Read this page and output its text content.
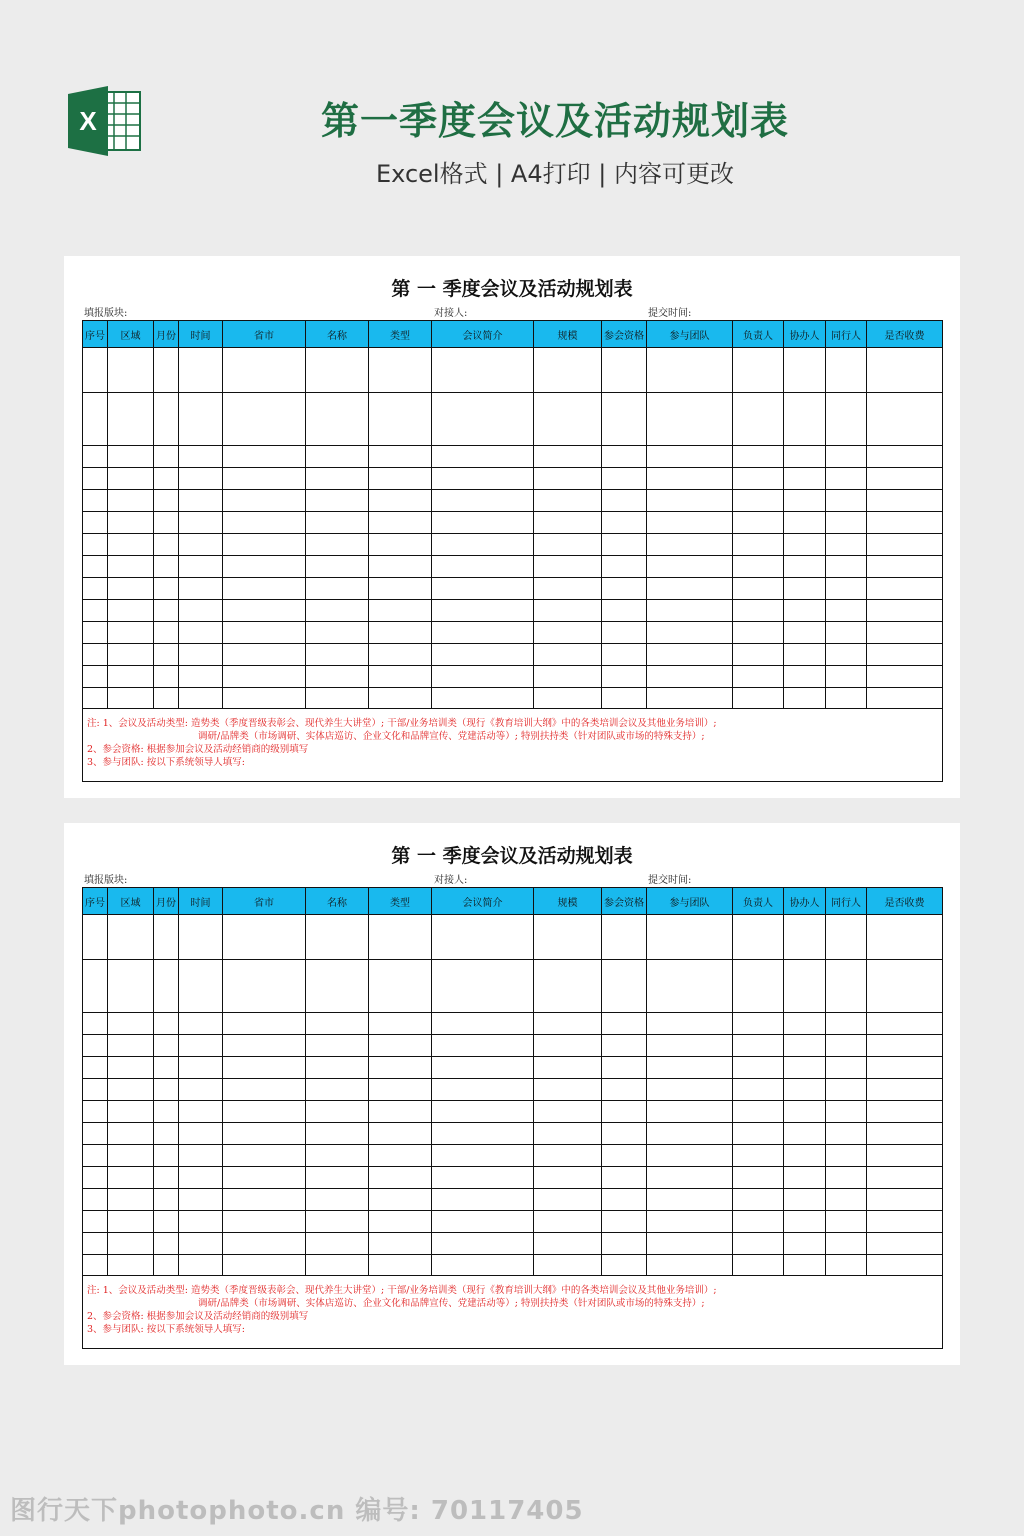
X	第一季度会议及活动规划表
Excel格式 | A4打印 | 内容可更改
第 一 季度会议及活动规划表
填报版块:	对接人:	提交时间:
序号	区域	月份	时间	省市	名称	类型	会议简介	规模	参会资格	参与团队	负责人	协办人	同行人	是否收费

注: 1、会议及活动类型: 造势类（季度晋级表彰会、现代养生大讲堂）; 干部/业务培训类（现行《教育培训大纲》中的各类培训会议及其他业务培训）;
调研/品牌类（市场调研、实体店巡访、企业文化和品牌宣传、党建活动等）; 特别扶持类（针对团队或市场的特殊支持）;
2、参会资格: 根据参加会议及活动经销商的级别填写
3、参与团队: 按以下系统领导人填写:														
第 一 季度会议及活动规划表
填报版块:	对接人:	提交时间:
序号	区域	月份	时间	省市	名称	类型	会议简介	规模	参会资格	参与团队	负责人	协办人	同行人	是否收费

注: 1、会议及活动类型: 造势类（季度晋级表彰会、现代养生大讲堂）; 干部/业务培训类（现行《教育培训大纲》中的各类培训会议及其他业务培训）;
调研/品牌类（市场调研、实体店巡访、企业文化和品牌宣传、党建活动等）; 特别扶持类（针对团队或市场的特殊支持）;
2、参会资格: 根据参加会议及活动经销商的级别填写
3、参与团队: 按以下系统领导人填写:														
图行天下photophoto.cn 编号: 70117405
